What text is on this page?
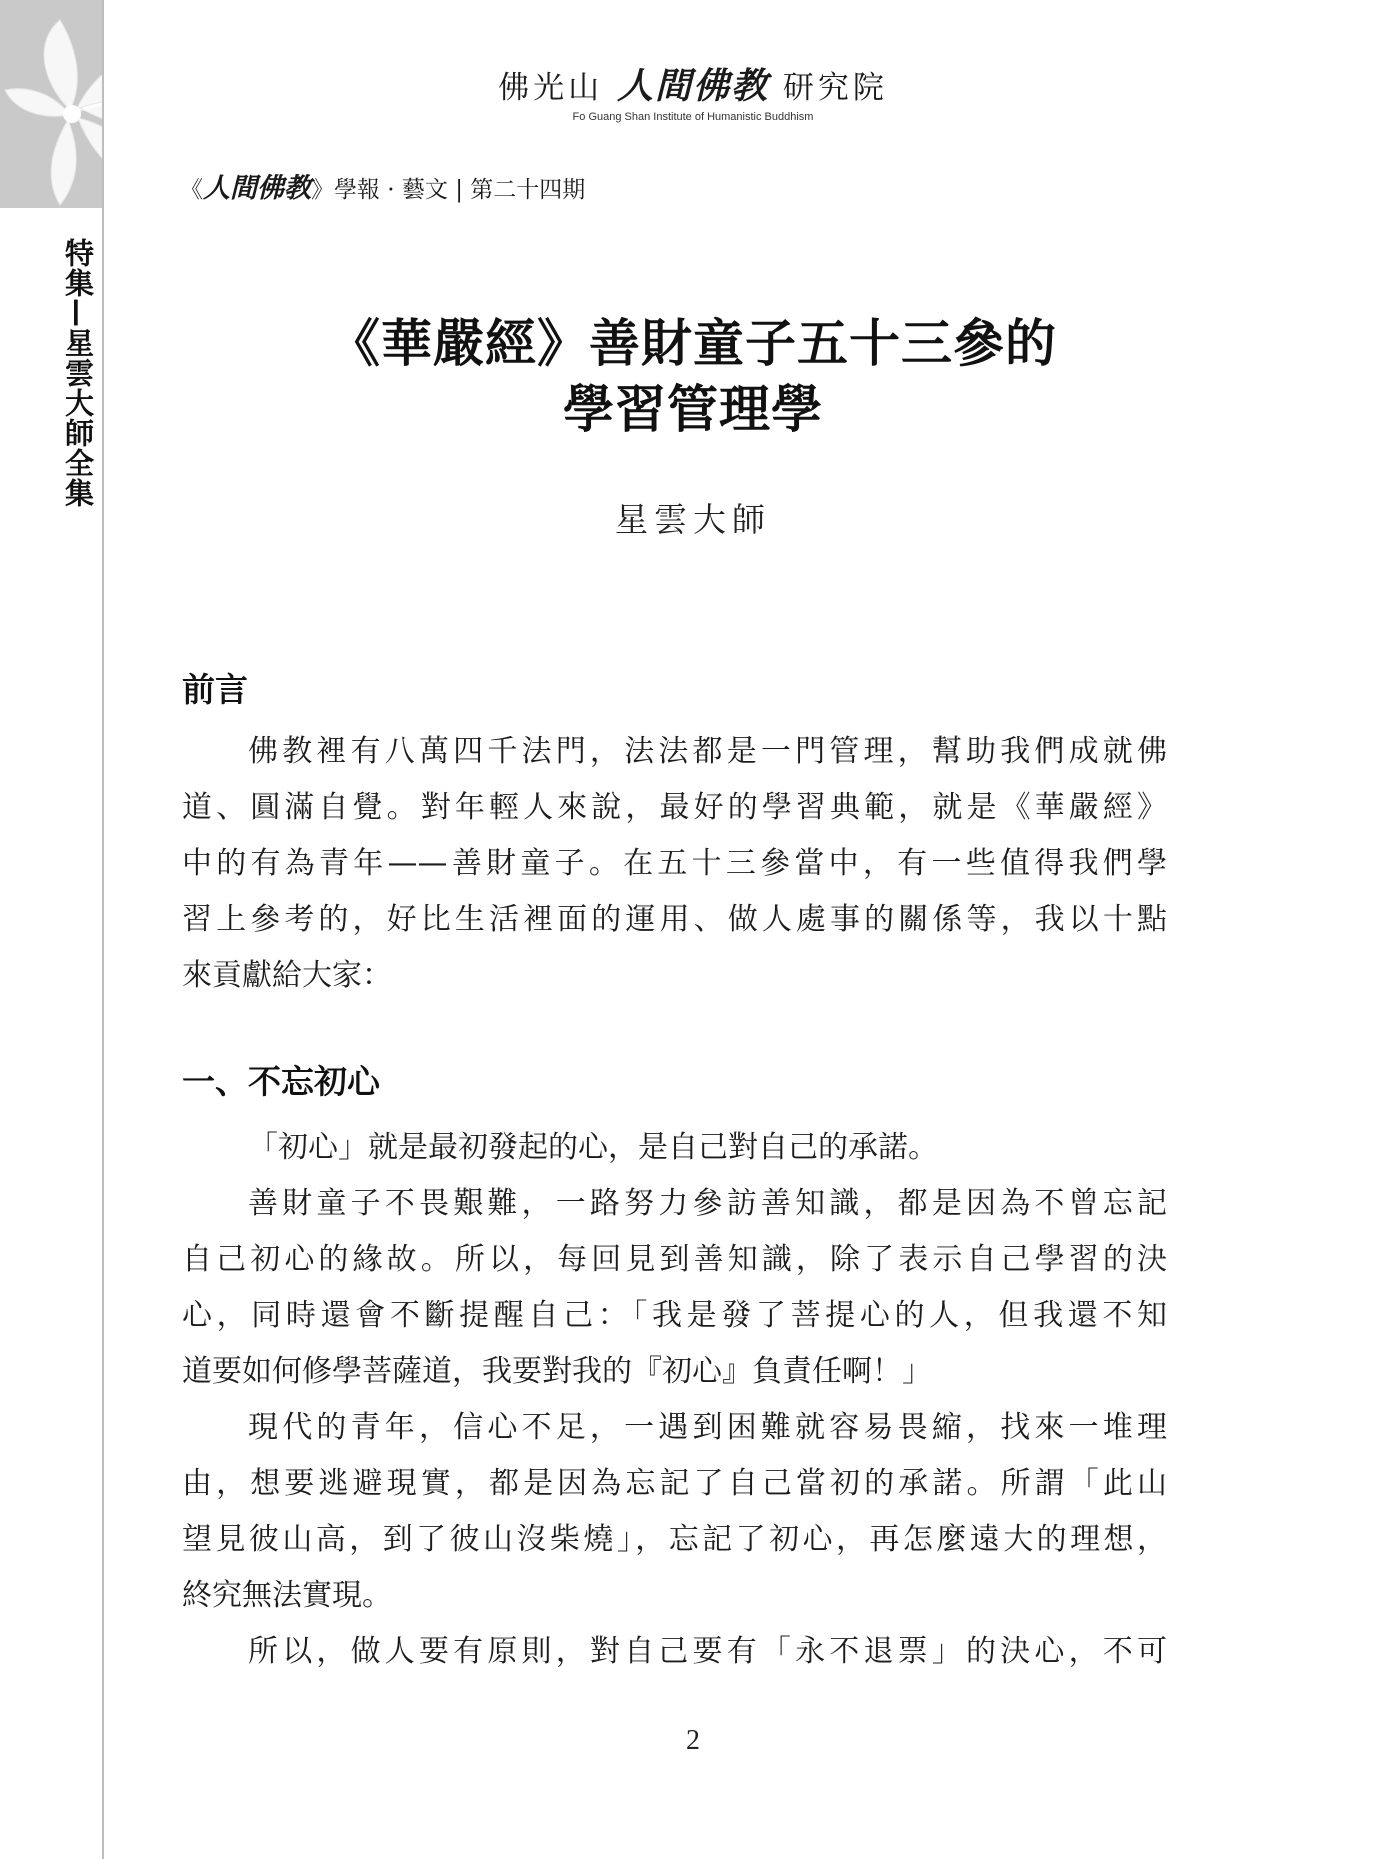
特集—星雲大師全集
佛光山 人間佛教 研究院
Fo Guang Shan Institute of Humanistic Buddhism
《人間佛教》學報 · 藝文 | 第二十四期
《華嚴經》善財童子五十三參的
學習管理學
星雲大師
前言
佛教裡有八萬四千法門，法法都是一門管理，幫助我們成就佛
道、圓滿自覺。對年輕人來說，最好的學習典範，就是《華嚴經》
中的有為青年——善財童子。在五十三參當中，有一些值得我們學
習上參考的，好比生活裡面的運用、做人處事的關係等，我以十點
來貢獻給大家：
一、不忘初心
「初心」就是最初發起的心，是自己對自己的承諾。
善財童子不畏艱難，一路努力參訪善知識，都是因為不曾忘記
自己初心的緣故。所以，每回見到善知識，除了表示自己學習的決
心，同時還會不斷提醒自己：「我是發了菩提心的人，但我還不知
道要如何修學菩薩道，我要對我的『初心』負責任啊！」
現代的青年，信心不足，一遇到困難就容易畏縮，找來一堆理
由，想要逃避現實，都是因為忘記了自己當初的承諾。所謂「此山
望見彼山高，到了彼山沒柴燒」，忘記了初心，再怎麼遠大的理想，
終究無法實現。
所以，做人要有原則，對自己要有「永不退票」的決心，不可
2
